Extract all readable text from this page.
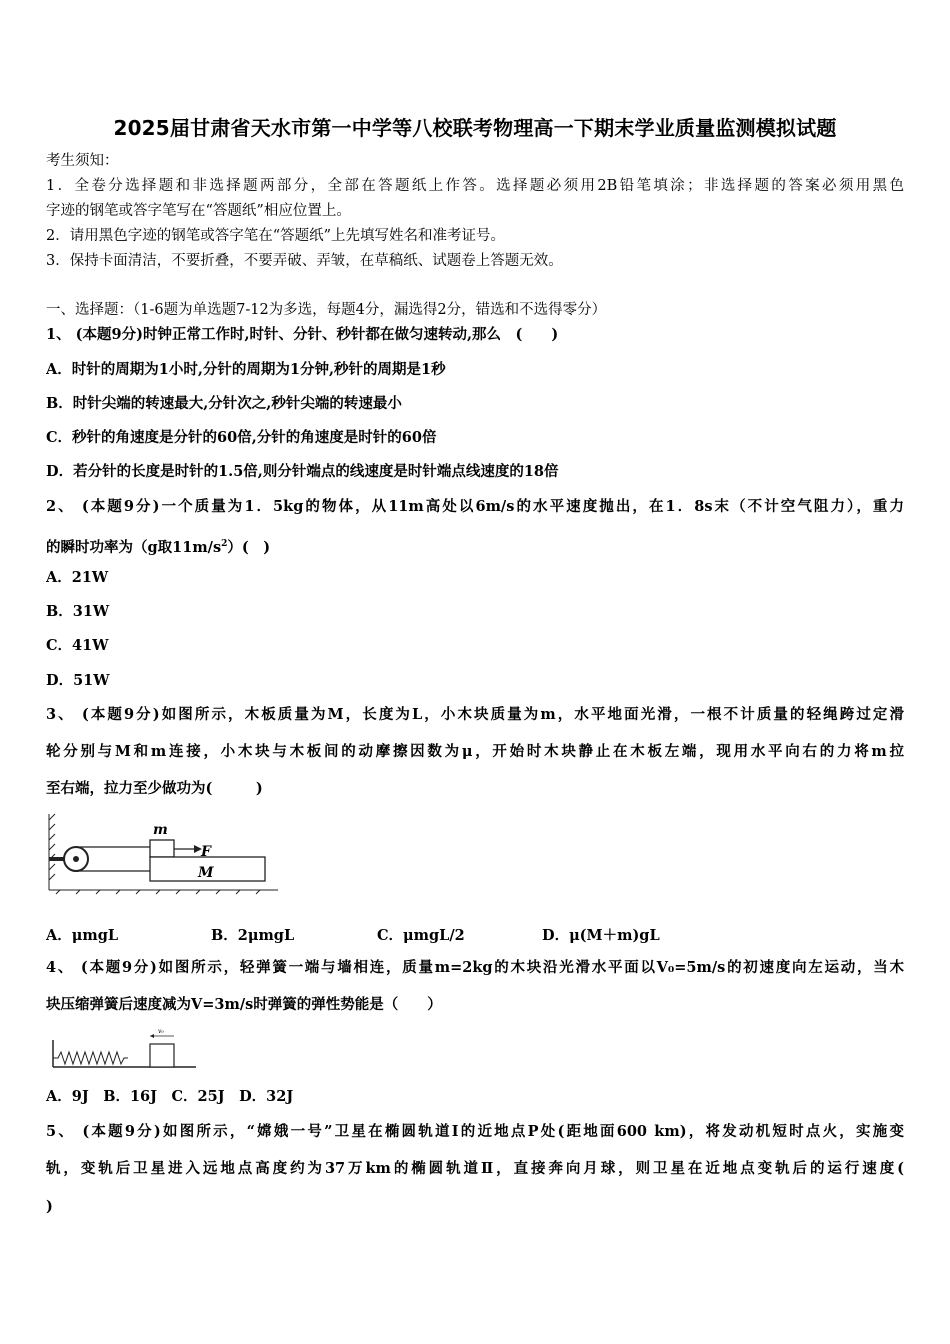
2025届甘肃省天水市第一中学等八校联考物理高一下期末学业质量监测模拟试题
考生须知：
1．全卷分选择题和非选择题两部分，全部在答题纸上作答。选择题必须用2B铅笔填涂；非选择题的答案必须用黑色
字迹的钢笔或答字笔写在“答题纸”相应位置上。
2．请用黑色字迹的钢笔或答字笔在“答题纸”上先填写姓名和准考证号。
3．保持卡面清洁，不要折叠，不要弄破、弄皱，在草稿纸、试题卷上答题无效。
一、选择题：（1-6题为单选题7-12为多选，每题4分，漏选得2分，错选和不选得零分）
1、 (本题9分)时钟正常工作时,时针、分针、秒针都在做匀速转动,那么　(　　)
A．时针的周期为1小时,分针的周期为1分钟,秒针的周期是1秒
B．时针尖端的转速最大,分针次之,秒针尖端的转速最小
C．秒针的角速度是分针的60倍,分针的角速度是时针的60倍
D．若分针的长度是时针的1.5倍,则分针端点的线速度是时针端点线速度的18倍
2、 (本题9分)一个质量为1．5kg的物体，从11m高处以6m/s的水平速度抛出，在1．8s末（不计空气阻力），重力
的瞬时功率为（g取$11m/s^2$）(　)
A．21W
B．31W
C．41W
D．51W
3、 (本题9分)如图所示，木板质量为M，长度为L，小木块质量为m，水平地面光滑，一根不计质量的轻绳跨过定滑
轮分别与M和m连接，小木块与木板间的动摩擦因数为μ，开始时木块静止在木板左端，现用水平向右的力将m拉
至右端，拉力至少做功为(　　　)
m
F
M
A．μmgL	B．2μmgL	C．μmgL/2	D．μ(M＋m)gL
4、 (本题9分)如图所示，轻弹簧一端与墙相连，质量m=2kg的木块沿光滑水平面以V₀=5m/s的初速度向左运动，当木
块压缩弹簧后速度减为V=3m/s时弹簧的弹性势能是（　　）
v₀
A．9J　B．16J　C．25J　D．32J
5、 (本题9分)如图所示，“嫦娥一号”卫星在椭圆轨道Ⅰ的近地点P处(距地面600 km)，将发动机短时点火，实施变
轨，变轨后卫星进入远地点高度约为37万km的椭圆轨道Ⅱ，直接奔向月球，则卫星在近地点变轨后的运行速度(
)
